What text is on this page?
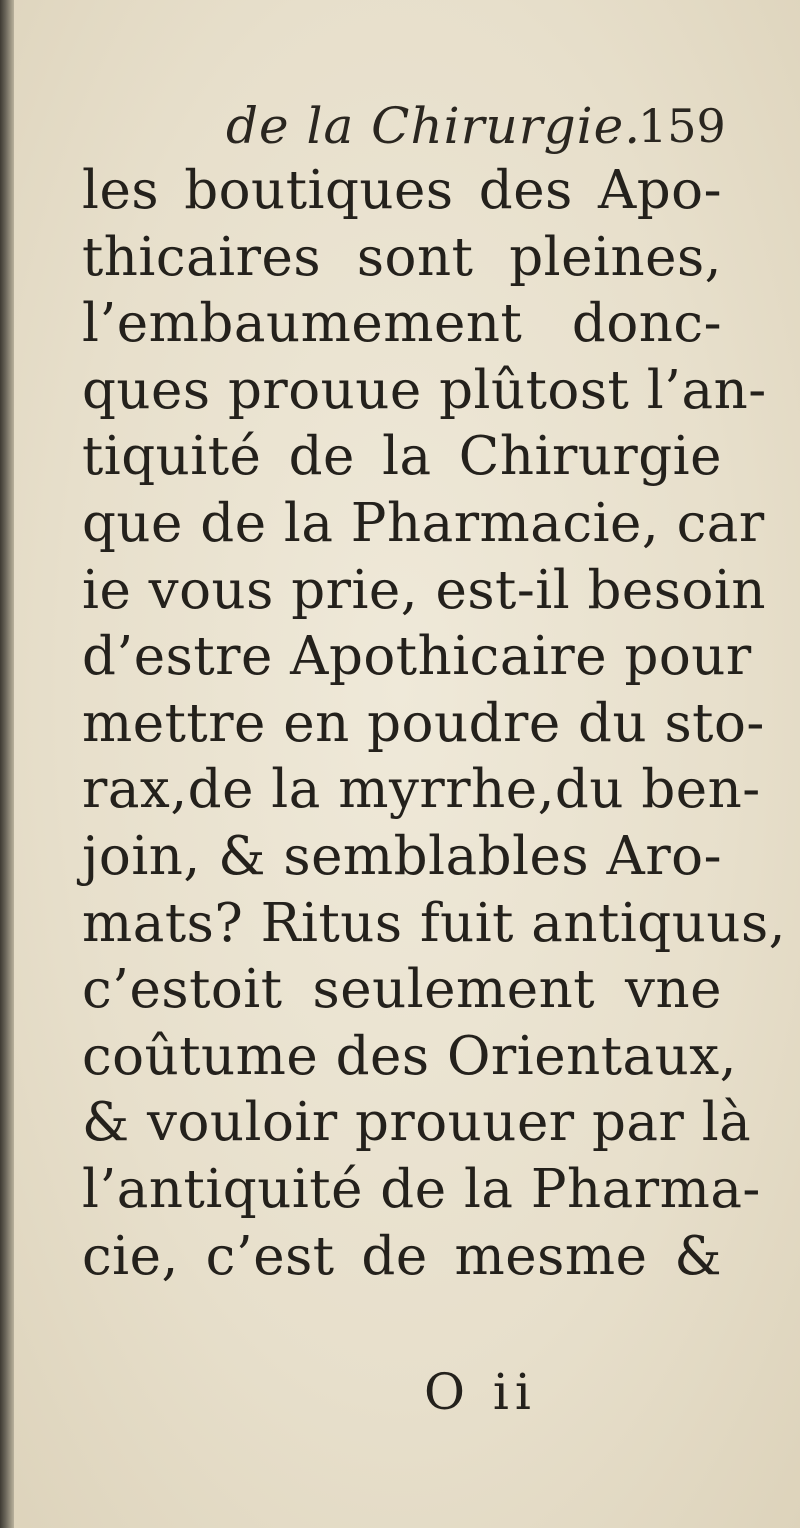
de la Chirurgie.
159
les boutiques des Apo-
thicaires sont pleines,
l’embaumement donc-
ques prouue plûtost l’an-
tiquité de la Chirurgie
que de la Pharmacie, car
ie vous prie, est-il besoin
d’estre Apothicaire pour
mettre en poudre du sto-
rax,de la myrrhe,du ben-
join, & semblables Aro-
mats? Ritus fuit antiquus,
c’estoit seulement vne
coûtume des Orientaux,
& vouloir prouuer par là
l’antiquité de la Pharma-
cie, c’est de mesme &
O ii
